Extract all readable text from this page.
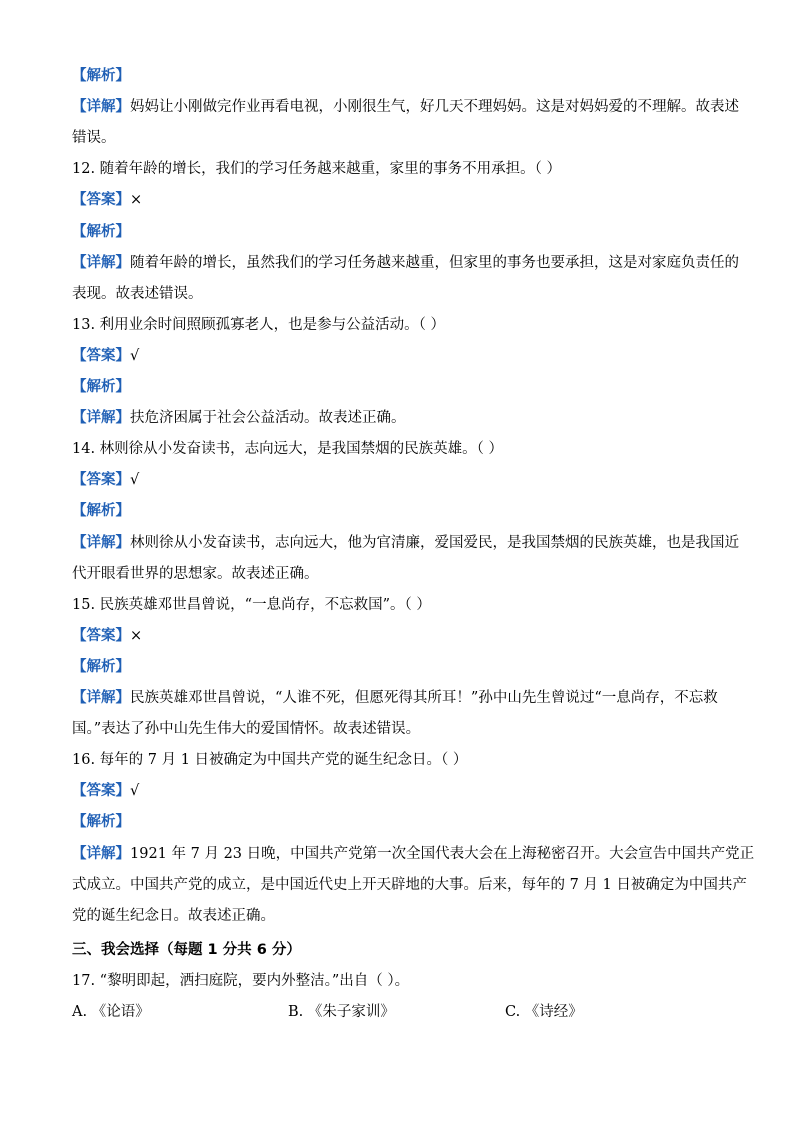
【解析】
【详解】妈妈让小刚做完作业再看电视，小刚很生气，好几天不理妈妈。这是对妈妈爱的不理解。故表述
错误。
12. 随着年龄的增长，我们的学习任务越来越重，家里的事务不用承担。（ ）
【答案】×
【解析】
【详解】随着年龄的增长，虽然我们的学习任务越来越重，但家里的事务也要承担，这是对家庭负责任的
表现。故表述错误。
13. 利用业余时间照顾孤寡老人，也是参与公益活动。（ ）
【答案】√
【解析】
【详解】扶危济困属于社会公益活动。故表述正确。
14. 林则徐从小发奋读书，志向远大，是我国禁烟的民族英雄。（ ）
【答案】√
【解析】
【详解】林则徐从小发奋读书，志向远大，他为官清廉，爱国爱民，是我国禁烟的民族英雄，也是我国近
代开眼看世界的思想家。故表述正确。
15. 民族英雄邓世昌曾说，“一息尚存，不忘救国”。（ ）
【答案】×
【解析】
【详解】民族英雄邓世昌曾说，“人谁不死，但愿死得其所耳！”孙中山先生曾说过“一息尚存，不忘救
国。”表达了孙中山先生伟大的爱国情怀。故表述错误。
16. 每年的 7 月 1 日被确定为中国共产党的诞生纪念日。（ ）
【答案】√
【解析】
【详解】1921 年 7 月 23 日晚，中国共产党第一次全国代表大会在上海秘密召开。大会宣告中国共产党正
式成立。中国共产党的成立，是中国近代史上开天辟地的大事。后来，每年的 7 月 1 日被确定为中国共产
党的诞生纪念日。故表述正确。
三、我会选择（每题 1 分共 6 分）
17. “黎明即起，洒扫庭院，要内外整洁。”出自（ ）。
A. 《论语》	B. 《朱子家训》	C. 《诗经》
